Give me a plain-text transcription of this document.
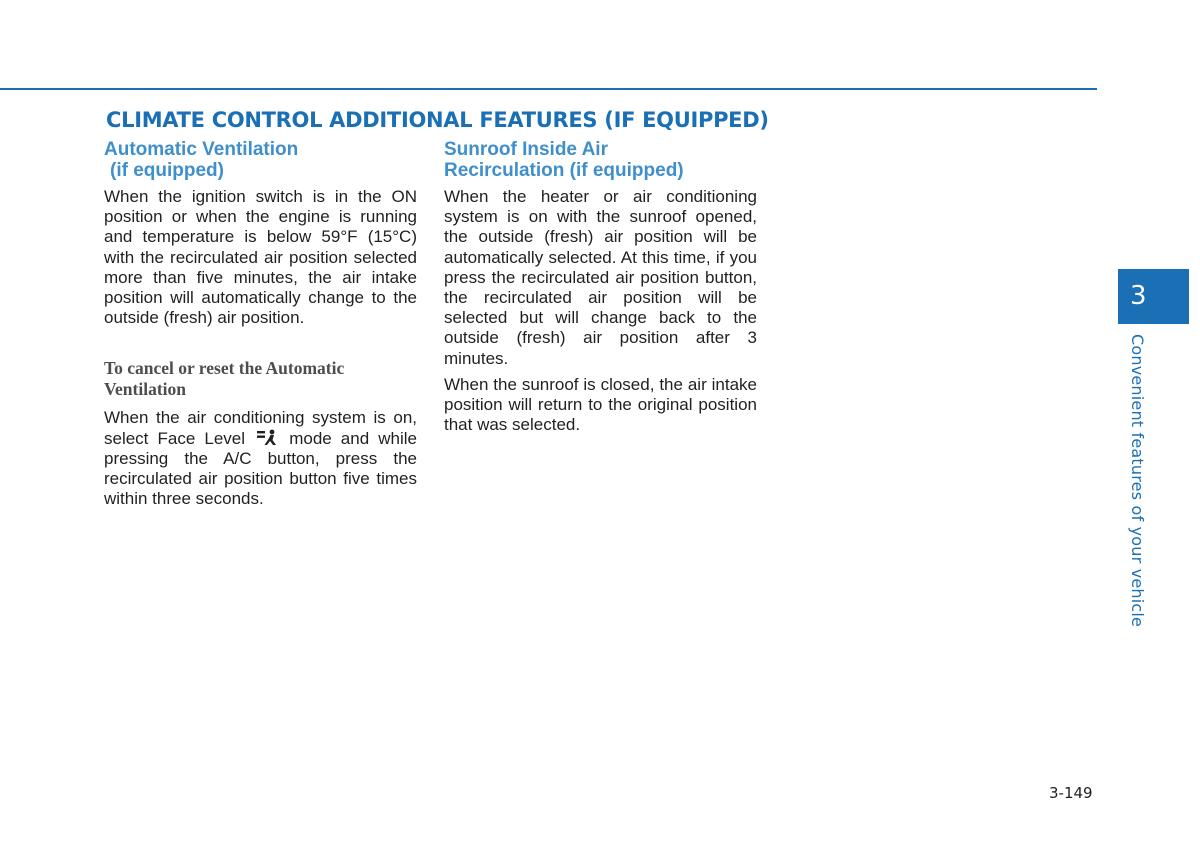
CLIMATE CONTROL ADDITIONAL FEATURES (IF EQUIPPED)
Automatic Ventilation
(if equipped)

When the ignition switch is in the ON position or when the engine is running and temperature is below 59°F (15°C) with the recirculated air position selected more than five minutes, the air intake position will automatically change to the outside (fresh) air position.

To cancel or reset the Automatic Ventilation

When the air conditioning system is on, select Face Level	mode and while pressing the A/C button, press the recirculated air position button five times within three seconds.

Sunroof Inside Air
Recirculation (if equipped)

When the heater or air conditioning system is on with the sunroof opened, the outside (fresh) air position will be automatically selected. At this time, if you press the recirculated air position button, the recirculated air position will be selected but will change back to the outside (fresh) air position after 3 minutes.

When the sunroof is closed, the air intake position will return to the original position that was selected.

3
Convenient features of your vehicle
3-149
